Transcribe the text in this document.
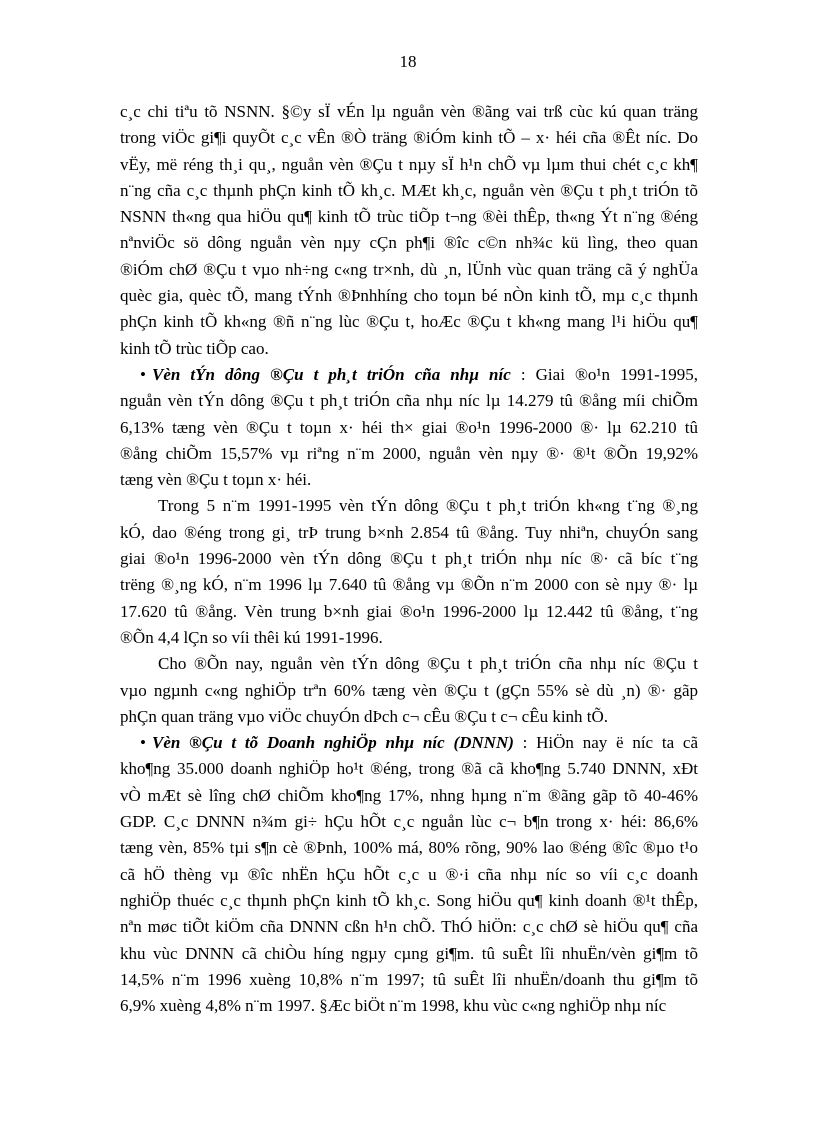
18
c¸c chi tiªu tõ NSNN. §©y sÏ vÉn lµ nguån vèn ®ãng vai trß cùc kú quan träng
trong viÖc gi¶i quyÕt c¸c vÊn ®Ò träng ®iÓm kinh tÕ – x· héi cña ®Êt níc. Do
vËy, më réng th¸i qu¸, nguån vèn ®Çu t nµy sÏ h¹n chÕ vµ lµm thui chét c¸c kh¶
n¨ng cña c¸c thµnh phÇn kinh tÕ kh¸c. MÆt kh¸c, nguån vèn ®Çu t ph¸t triÓn tõ
NSNN th«ng qua hiÖu qu¶ kinh tÕ trùc tiÕp t¬ng ®èi thÊp, th«ng Ýt n¨ng ®éng
nªnviÖc sö dông nguån vèn nµy cÇn ph¶i ®îc c©n nh¾c kü lìng, theo quan
®iÓm chØ ®Çu t vµo nh÷ng c«ng tr×nh, dù ¸n, lÜnh vùc quan träng cã ý nghÜa
quèc gia, quèc tÕ, mang tÝnh ®Þnhhíng cho toµn bé nÒn kinh tÕ, mµ c¸c thµnh
phÇn kinh tÕ kh«ng ®ñ n¨ng lùc ®Çu t, hoÆc ®Çu t kh«ng mang l¹i hiÖu qu¶
kinh tÕ trùc tiÕp cao.
• Vèn tÝn dông ®Çu t ph¸t triÓn cña nhµ níc : Giai ®o¹n 1991-1995,
nguån vèn tÝn dông ®Çu t ph¸t triÓn cña nhµ níc lµ 14.279 tû ®ång míi chiÕm
6,13% tæng vèn ®Çu t toµn x· héi th× giai ®o¹n 1996-2000 ®· lµ 62.210 tû
®ång chiÕm 15,57% vµ riªng n¨m 2000, nguån vèn nµy ®· ®¹t ®Õn 19,92%
tæng vèn ®Çu t toµn x· héi.
Trong 5 n¨m 1991-1995 vèn tÝn dông ®Çu t ph¸t triÓn kh«ng t¨ng ®¸ng
kÓ, dao ®éng trong gi¸ trÞ trung b×nh 2.854 tû ®ång. Tuy nhiªn, chuyÓn sang
giai ®o¹n 1996-2000 vèn tÝn dông ®Çu t ph¸t triÓn nhµ níc ®· cã bíc t¨ng
trëng ®¸ng kÓ, n¨m 1996 lµ 7.640 tû ®ång vµ ®Õn n¨m 2000 con sè nµy ®· lµ
17.620 tû ®ång. Vèn trung b×nh giai ®o¹n 1996-2000 lµ 12.442 tû ®ång, t¨ng
®Õn 4,4 lÇn so víi thêi kú 1991-1996.
Cho ®Õn nay, nguån vèn tÝn dông ®Çu t ph¸t triÓn cña nhµ níc ®Çu t
vµo ngµnh c«ng nghiÖp trªn 60% tæng vèn ®Çu t (gÇn 55% sè dù ¸n) ®· gãp
phÇn quan träng vµo viÖc chuyÓn dÞch c¬ cÊu ®Çu t c¬ cÊu kinh tÕ.
• Vèn ®Çu t tõ Doanh nghiÖp nhµ níc (DNNN) : HiÖn nay ë níc ta cã
kho¶ng 35.000 doanh nghiÖp ho¹t ®éng, trong ®ã cã kho¶ng 5.740 DNNN, xÐt
vÒ mÆt sè lîng chØ chiÕm kho¶ng 17%, nhng hµng n¨m ®ãng gãp tõ 40-46%
GDP. C¸c DNNN n¾m gi÷ hÇu hÕt c¸c nguån lùc c¬ b¶n trong x· héi: 86,6%
tæng vèn, 85% tµi s¶n cè ®Þnh, 100% má, 80% rõng, 90% lao ®éng ®îc ®µo t¹o
cã hÖ thèng vµ ®îc nhËn hÇu hÕt c¸c u ®·i cña nhµ níc so víi c¸c doanh
nghiÖp thuéc c¸c thµnh phÇn kinh tÕ kh¸c. Song hiÖu qu¶ kinh doanh ®¹t thÊp,
nªn møc tiÕt kiÖm cña DNNN cßn h¹n chÕ. ThÓ hiÖn: c¸c chØ sè hiÖu qu¶ cña
khu vùc DNNN cã chiÒu híng ngµy cµng gi¶m. tû suÊt lîi nhuËn/vèn gi¶m tõ
14,5% n¨m 1996 xuèng 10,8% n¨m 1997; tû suÊt lîi nhuËn/doanh thu gi¶m tõ
6,9% xuèng 4,8% n¨m 1997. §Æc biÖt n¨m 1998, khu vùc c«ng nghiÖp nhµ níc
